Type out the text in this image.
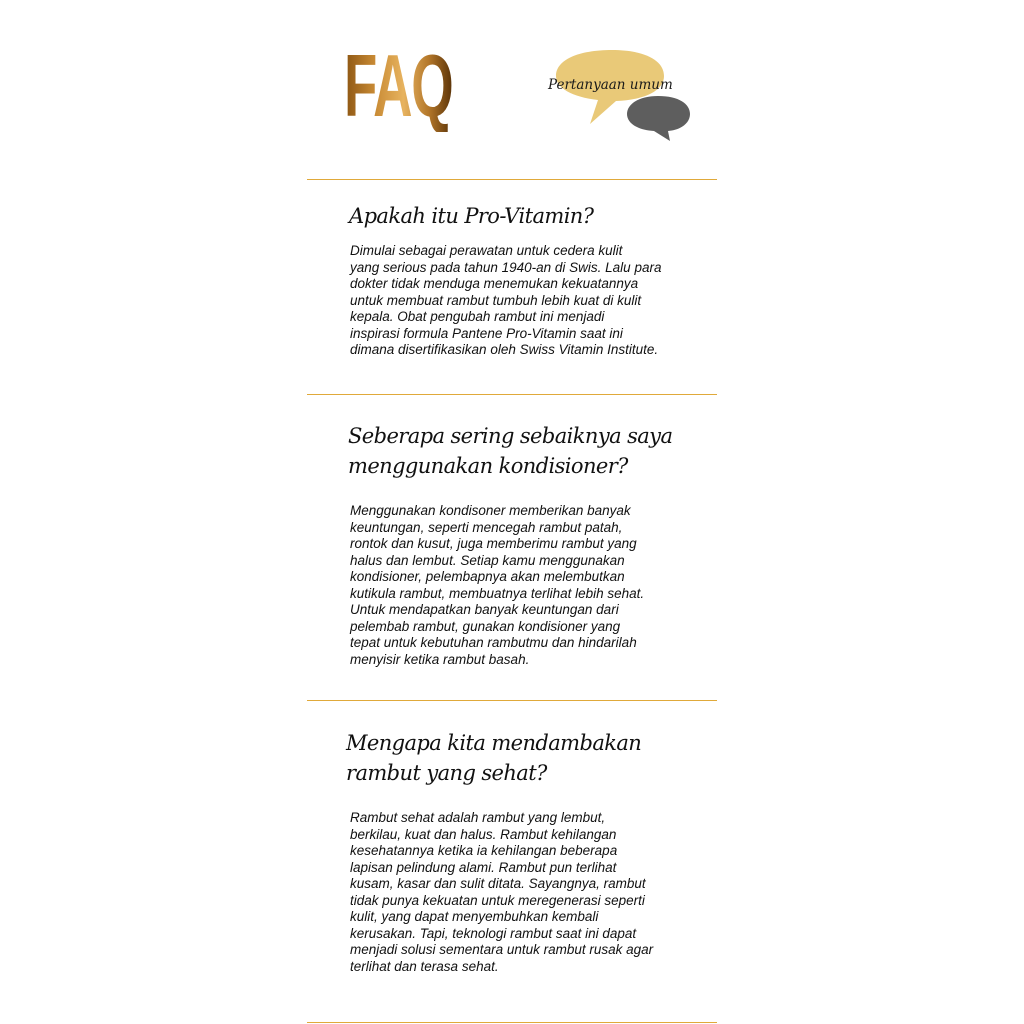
FAQ	Pertanyaan umum
Apakah itu Pro-Vitamin?

Dimulai sebagai perawatan untuk cedera kulit
yang serious pada tahun 1940-an di Swis. Lalu para
dokter tidak menduga menemukan kekuatannya
untuk membuat rambut tumbuh lebih kuat di kulit
kepala. Obat pengubah rambut ini menjadi
inspirasi formula Pantene Pro-Vitamin saat ini
dimana disertifikasikan oleh Swiss Vitamin Institute.

Seberapa sering sebaiknya saya
menggunakan kondisioner?

Menggunakan kondisoner memberikan banyak
keuntungan, seperti mencegah rambut patah,
rontok dan kusut, juga memberimu rambut yang
halus dan lembut. Setiap kamu menggunakan
kondisioner, pelembapnya akan melembutkan
kutikula rambut, membuatnya terlihat lebih sehat.
Untuk mendapatkan banyak keuntungan dari
pelembab rambut, gunakan kondisioner yang
tepat untuk kebutuhan rambutmu dan hindarilah
menyisir ketika rambut basah.

Mengapa kita mendambakan
rambut yang sehat?

Rambut sehat adalah rambut yang lembut,
berkilau, kuat dan halus. Rambut kehilangan
kesehatannya ketika ia kehilangan beberapa
lapisan pelindung alami. Rambut pun terlihat
kusam, kasar dan sulit ditata. Sayangnya, rambut
tidak punya kekuatan untuk meregenerasi seperti
kulit, yang dapat menyembuhkan kembali
kerusakan. Tapi, teknologi rambut saat ini dapat
menjadi solusi sementara untuk rambut rusak agar
terlihat dan terasa sehat.
